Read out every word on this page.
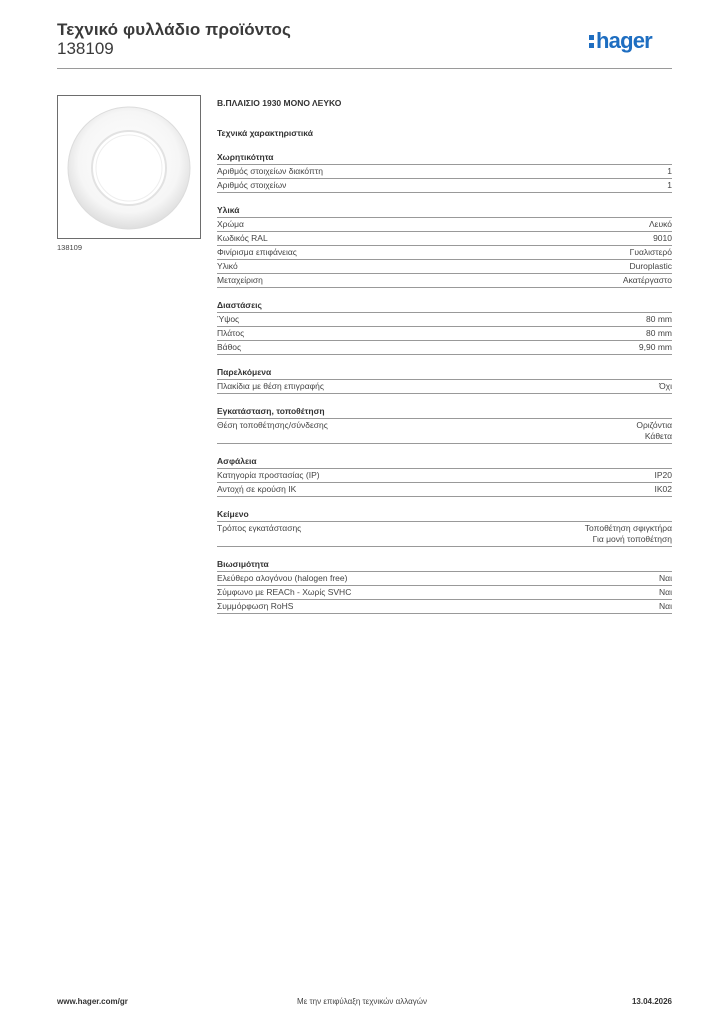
Τεχνικό φυλλάδιο προϊόντος
138109	hager
138109
Β.ΠΛΑΙΣΙΟ 1930 ΜΟΝΟ ΛΕΥΚΟ
Τεχνικά χαρακτηριστικά
Χωρητικότητα
Αριθμός στοιχείων διακόπτη	1
Αριθμός στοιχείων	1
Υλικά
Χρώμα	Λευκό
Κωδικός RAL	9010
Φινίρισμα επιφάνειας	Γυαλιστερό
Υλικό	Duroplastic
Μεταχείριση	Ακατέργαστο
Διαστάσεις
Ύψος	80 mm
Πλάτος	80 mm
Βάθος	9,90 mm
Παρελκόμενα
Πλακίδια με θέση επιγραφής	Όχι
Εγκατάσταση, τοποθέτηση
Θέση τοποθέτησης/σύνδεσης	Οριζόντια
Κάθετα
Ασφάλεια
Κατηγορία προστασίας (IP)	IP20
Αντοχή σε κρούση IK	IK02
Κείμενο
Τρόπος εγκατάστασης	Τοποθέτηση σφιγκτήρα
Για μονή τοποθέτηση
Βιωσιμότητα
Ελεύθερο αλογόνου (halogen free)	Ναι
Σύμφωνο με REACh - Χωρίς SVHC	Ναι
Συμμόρφωση RoHS	Ναι
www.hager.com/gr	Με την επιφύλαξη τεχνικών αλλαγών	13.04.2026
